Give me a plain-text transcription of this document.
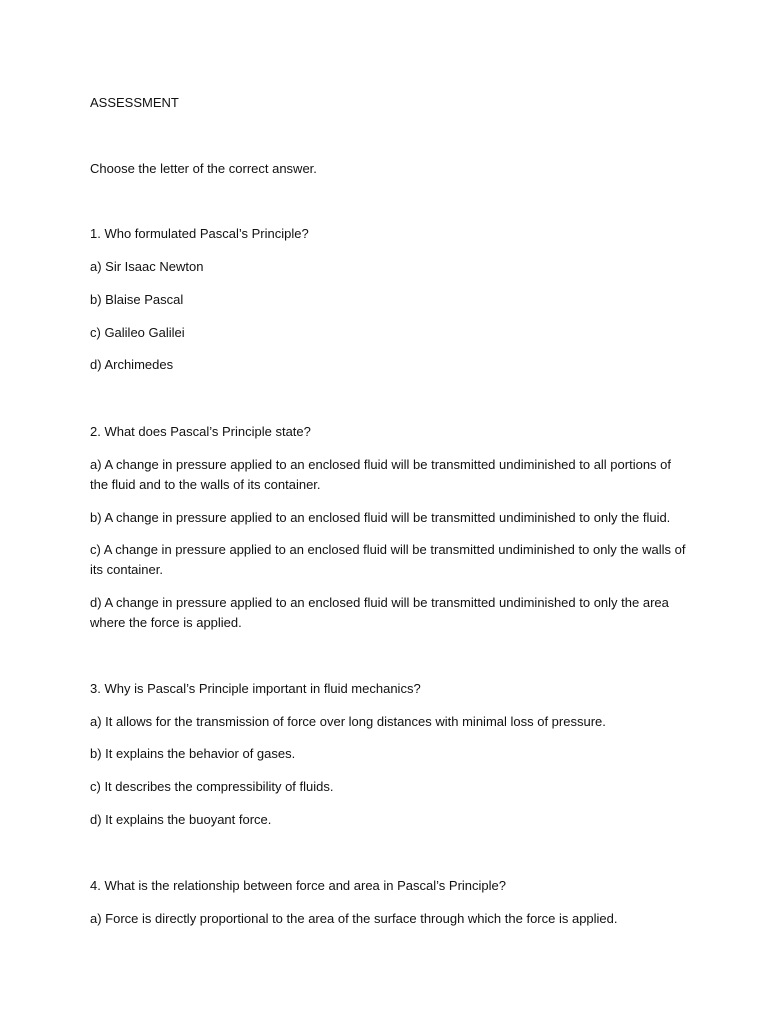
ASSESSMENT
Choose the letter of the correct answer.
1. Who formulated Pascal’s Principle?
a) Sir Isaac Newton
b) Blaise Pascal
c) Galileo Galilei
d) Archimedes
2. What does Pascal’s Principle state?
a) A change in pressure applied to an enclosed fluid will be transmitted undiminished to all portions of the fluid and to the walls of its container.
b) A change in pressure applied to an enclosed fluid will be transmitted undiminished to only the fluid.
c) A change in pressure applied to an enclosed fluid will be transmitted undiminished to only the walls of its container.
d) A change in pressure applied to an enclosed fluid will be transmitted undiminished to only the area where the force is applied.
3. Why is Pascal’s Principle important in fluid mechanics?
a) It allows for the transmission of force over long distances with minimal loss of pressure.
b) It explains the behavior of gases.
c) It describes the compressibility of fluids.
d) It explains the buoyant force.
4. What is the relationship between force and area in Pascal’s Principle?
a) Force is directly proportional to the area of the surface through which the force is applied.
